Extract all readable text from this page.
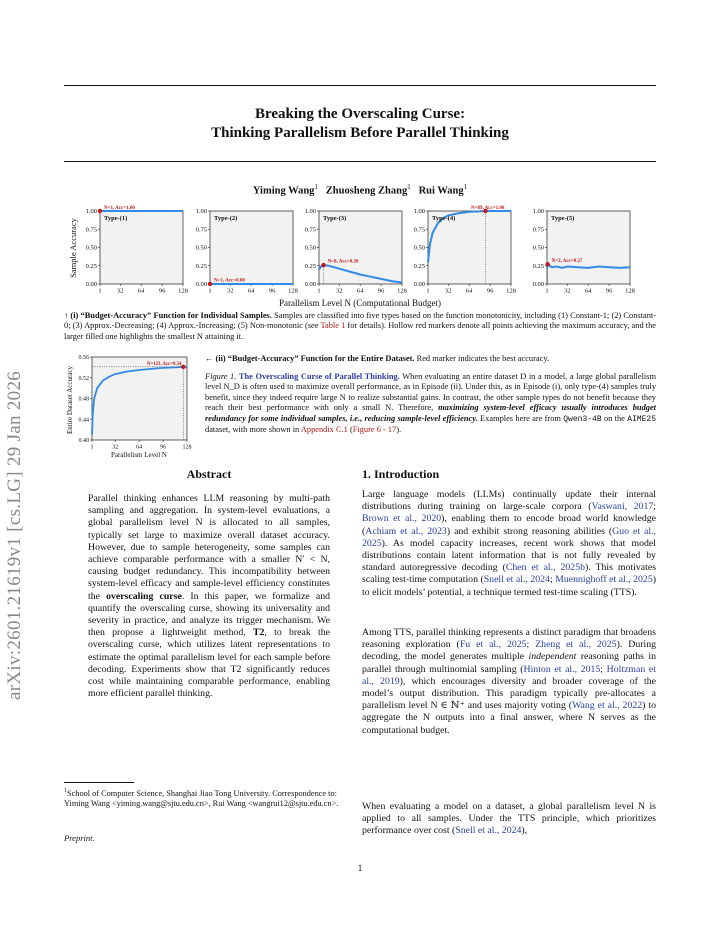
arXiv:2601.21619v1 [cs.LG] 29 Jan 2026
Breaking the Overscaling Curse:
Thinking Parallelism Before Parallel Thinking
Yiming Wang$^1$ Zhuosheng Zhang$^1$ Rui Wang$^1$
0.00
0.25
0.50
0.75
1.00
1 32 64 96 128
N=1, Acc=1.00
Type-(1)
0.00
0.25
0.50
0.75
1.00
1 32 64 96 128
N=1, Acc=0.00
Type-(2)
0.00
0.25
0.50
0.75
1.00
1 32 64 96 128
N=8, Acc=0.26
Type-(3)
0.00
0.25
0.50
0.75
1.00
1 32 64 96 128
N=89, Acc=1.00
Type-(4)
0.00
0.25
0.50
0.75
1.00
1 32 64 96 128
N=2, Acc=0.27
Type-(5)
Sample Accuracy
Parallelism Level N (Computational Budget)
↑ (i) “Budget-Accuracy” Function for Individual Samples. Samples are classified into five types based on the function monotonicity, including (1) Constant-1; (2) Constant-0; (3) Approx.-Decreasing; (4) Approx.-Increasing; (5) Non-monotonic (see Table 1 for details). Hollow red markers denote all points achieving the maximum accuracy, and the larger filled one highlights the smallest N attaining it.
0.40
0.44
0.48
0.52
0.56
1	32	64	96	128
N=123, Acc=0.54
Entire Dataset Accuracy
Parallelism Level N
← (ii) “Budget-Accuracy” Function for the Entire Dataset. Red marker indicates the best accuracy.
Figure 1. The Overscaling Curse of Parallel Thinking. When evaluating an entire dataset D in a model, a large global parallelism level N_D is often used to maximize overall performance, as in Episode (ii). Under this, as in Episode (i), only type-(4) samples truly benefit, since they indeed require large N to realize substantial gains. In contrast, the other sample types do not benefit because they reach their best performance with only a small N. Therefore, maximizing system-level efficacy usually introduces budget redundancy for some individual samples, i.e., reducing sample-level efficiency. Examples here are from Qwen3-4B on the AIME25 dataset, with more shown in Appendix C.1 (Figure 6 - 17).
Abstract
Parallel thinking enhances LLM reasoning by multi-path sampling and aggregation. In system-level evaluations, a global parallelism level N is allocated to all samples, typically set large to maximize overall dataset accuracy. However, due to sample heterogeneity, some samples can achieve comparable performance with a smaller N′ < N, causing budget redundancy. This incompatibility between system-level efficacy and sample-level efficiency constitutes the overscaling curse. In this paper, we formalize and quantify the overscaling curse, showing its universality and severity in practice, and analyze its trigger mechanism. We then propose a lightweight method, T2, to break the overscaling curse, which utilizes latent representations to estimate the optimal parallelism level for each sample before decoding. Experiments show that T2 significantly reduces cost while maintaining comparable performance, enabling more efficient parallel thinking.
$^1$School of Computer Science, Shanghai Jiao Tong University. Correspondence to: Yiming Wang <yiming.wang@sjtu.edu.cn>, Rui Wang <wangrui12@sjtu.edu.cn>.
Preprint.
1. Introduction
Large language models (LLMs) continually update their internal distributions during training on large-scale corpora (Vaswani, 2017; Brown et al., 2020), enabling them to encode broad world knowledge (Achiam et al., 2023) and exhibit strong reasoning abilities (Guo et al., 2025). As model capacity increases, recent work shows that model distributions contain latent information that is not fully revealed by standard autoregressive decoding (Chen et al., 2025b). This motivates scaling test-time computation (Snell et al., 2024; Muennighoff et al., 2025) to elicit models’ potential, a technique termed test-time scaling (TTS).
Among TTS, parallel thinking represents a distinct paradigm that broadens reasoning exploration (Fu et al., 2025; Zheng et al., 2025). During decoding, the model generates multiple independent reasoning paths in parallel through multinomial sampling (Hinton et al., 2015; Holtzman et al., 2019), which encourages diversity and broader coverage of the model’s output distribution. This paradigm typically pre-allocates a parallelism level N ∈ ℕ⁺ and uses majority voting (Wang et al., 2022) to aggregate the N outputs into a final answer, where N serves as the computational budget.
When evaluating a model on a dataset, a global parallelism level N is applied to all samples. Under the TTS principle, which prioritizes performance over cost (Snell et al., 2024),
1
